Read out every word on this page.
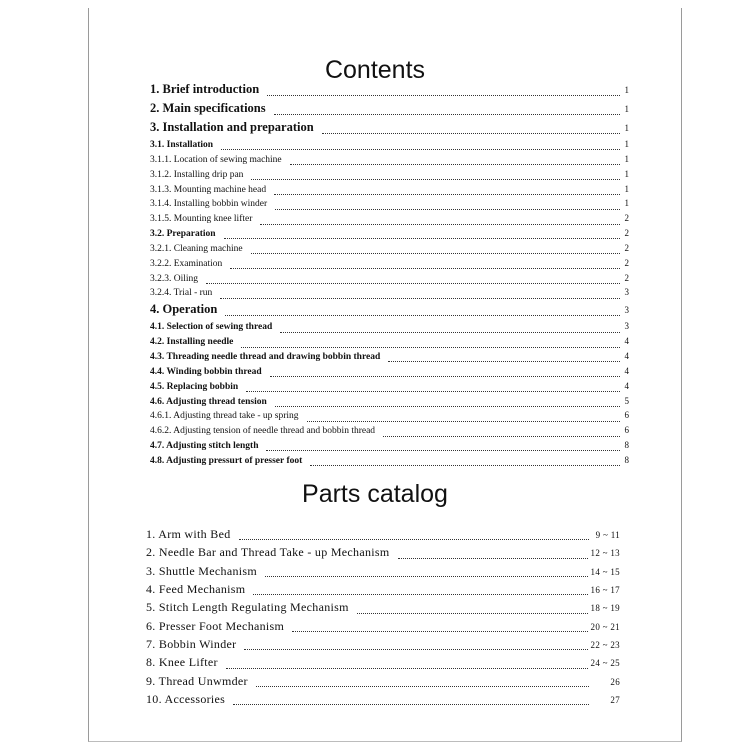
Contents
1. Brief introduction	1
2. Main specifications	1
3. Installation and preparation	1
3.1. Installation	1
3.1.1. Location of sewing machine	1
3.1.2. Installing drip pan	1
3.1.3. Mounting machine head	1
3.1.4. Installing bobbin winder	1
3.1.5. Mounting knee lifter	2
3.2. Preparation	2
3.2.1. Cleaning machine	2
3.2.2. Examination	2
3.2.3. Oiling	2
3.2.4. Trial - run	3
4. Operation	3
4.1. Selection of sewing thread	3
4.2. Installing needle	4
4.3. Threading needle thread and drawing bobbin thread	4
4.4. Winding bobbin thread	4
4.5. Replacing bobbin	4
4.6. Adjusting thread tension	5
4.6.1. Adjusting thread take - up spring	6
4.6.2. Adjusting tension of needle thread and bobbin thread	6
4.7. Adjusting stitch length	8
4.8. Adjusting pressurt of presser foot	8
Parts catalog
1. Arm with Bed	9 ~ 11
2. Needle Bar and Thread Take - up Mechanism	12 ~ 13
3. Shuttle Mechanism	14 ~ 15
4. Feed Mechanism	16 ~ 17
5. Stitch Length Regulating Mechanism	18 ~ 19
6. Presser Foot Mechanism	20 ~ 21
7. Bobbin Winder	22 ~ 23
8. Knee Lifter	24 ~ 25
9. Thread Unwmder	26
10. Accessories	27
